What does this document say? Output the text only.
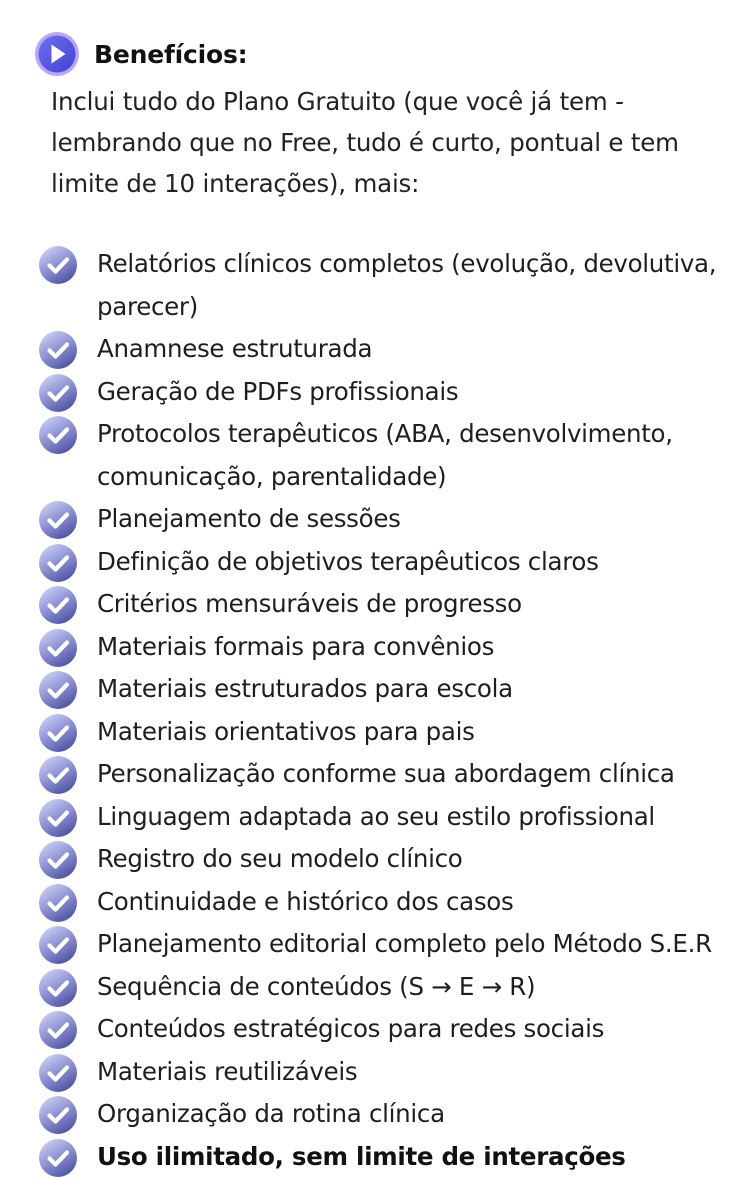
Benefícios:

Inclui tudo do Plano Gratuito (que você já tem -

lembrando que no Free, tudo é curto, pontual e tem

limite de 10 interações), mais:

Relatórios clínicos completos (evolução, devolutiva, parecer)
Anamnese estruturada
Geração de PDFs profissionais
Protocolos terapêuticos (ABA, desenvolvimento, comunicação, parentalidade)
Planejamento de sessões
Definição de objetivos terapêuticos claros
Critérios mensuráveis de progresso
Materiais formais para convênios
Materiais estruturados para escola
Materiais orientativos para pais
Personalização conforme sua abordagem clínica
Linguagem adaptada ao seu estilo profissional
Registro do seu modelo clínico
Continuidade e histórico dos casos
Planejamento editorial completo pelo Método S.E.R
Sequência de conteúdos (S → E → R)
Conteúdos estratégicos para redes sociais
Materiais reutilizáveis
Organização da rotina clínica
Uso ilimitado, sem limite de interações
